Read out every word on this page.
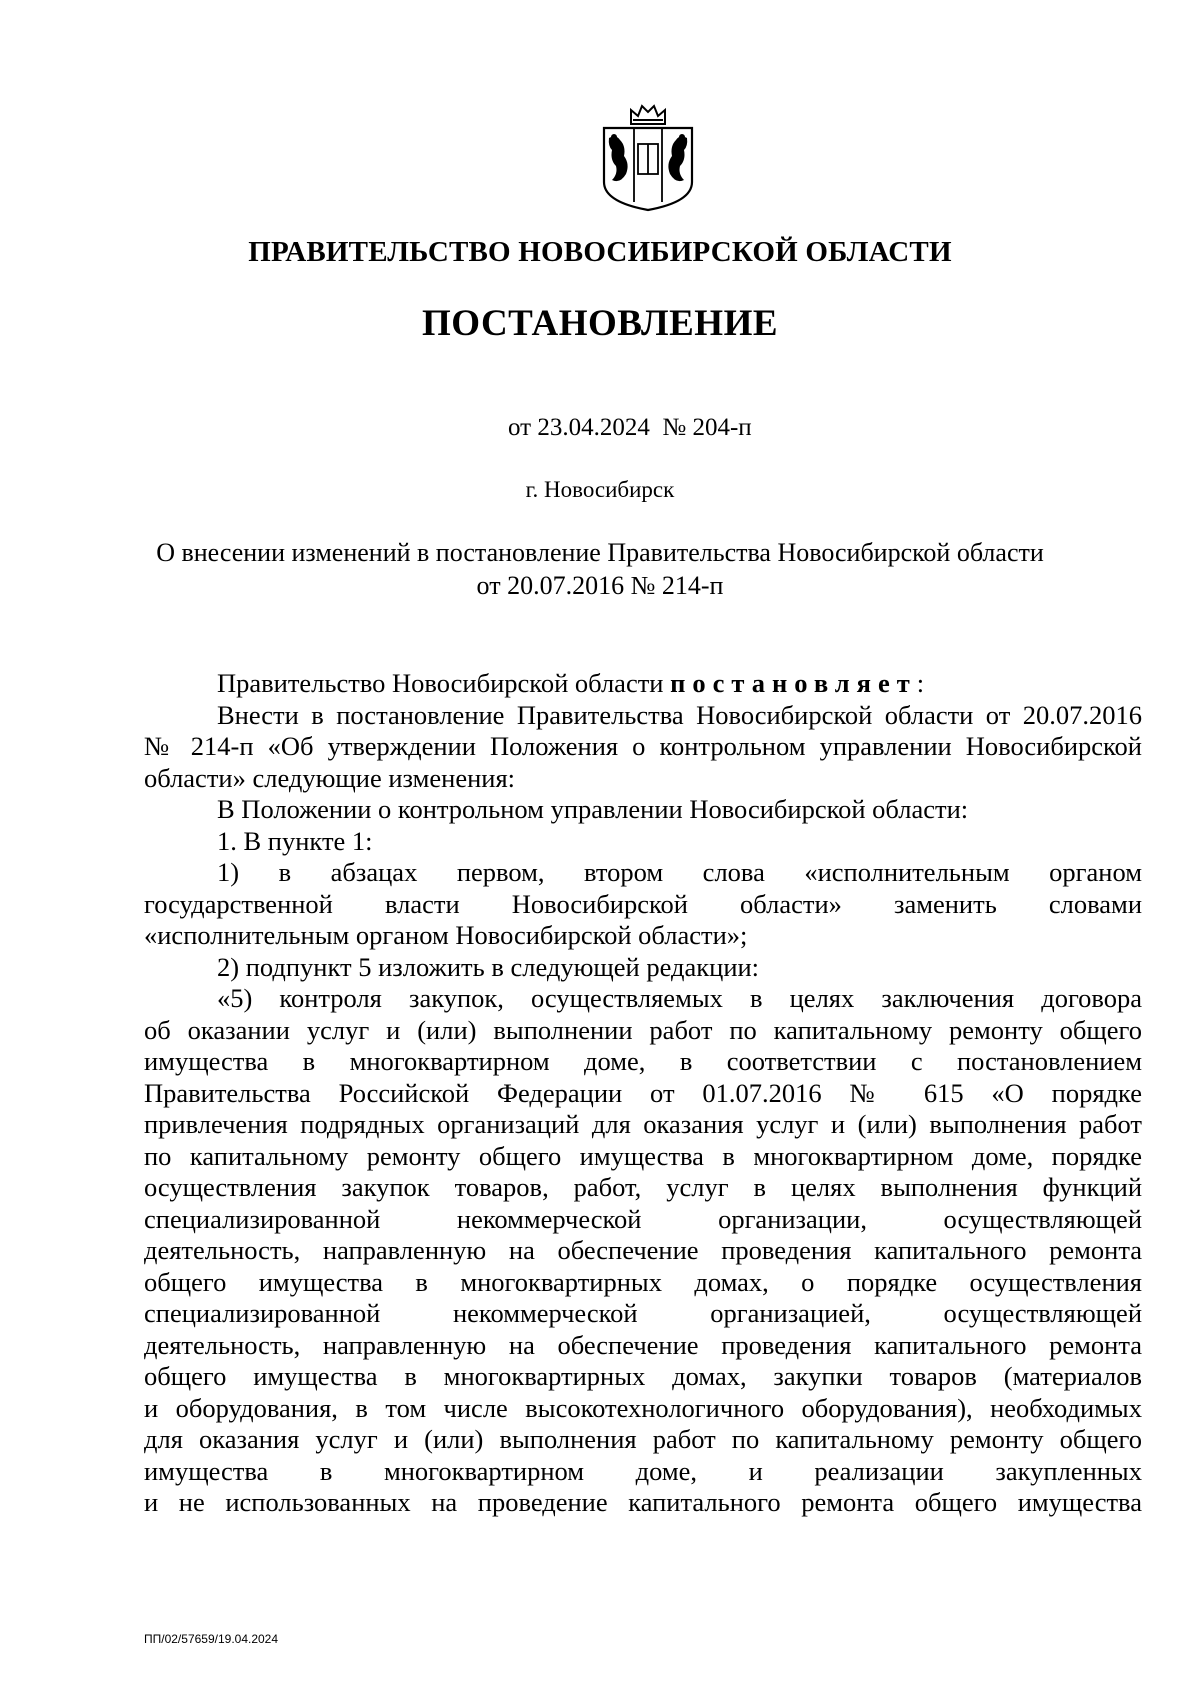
ПРАВИТЕЛЬСТВО НОВОСИБИРСКОЙ ОБЛАСТИ
ПОСТАНОВЛЕНИЕ
от 23.04.2024  № 204-п
г. Новосибирск
О внесении изменений в постановление Правительства Новосибирской области
от 20.07.2016 № 214-п
Правительство Новосибирской области постановляет:
Внести в постановление Правительства Новосибирской области от 20.07.2016
№ 214-п «Об утверждении Положения о контрольном управлении Новосибирской
области» следующие изменения:
В Положении о контрольном управлении Новосибирской области:
1. В пункте 1:
1) в абзацах первом, втором слова «исполнительным органом
государственной власти Новосибирской области» заменить словами
«исполнительным органом Новосибирской области»;
2) подпункт 5 изложить в следующей редакции:
«5) контроля закупок, осуществляемых в целях заключения договора
об оказании услуг и (или) выполнении работ по капитальному ремонту общего
имущества в многоквартирном доме, в соответствии с постановлением
Правительства Российской Федерации от 01.07.2016 № 615 «О порядке
привлечения подрядных организаций для оказания услуг и (или) выполнения работ
по капитальному ремонту общего имущества в многоквартирном доме, порядке
осуществления закупок товаров, работ, услуг в целях выполнения функций
специализированной некоммерческой организации, осуществляющей
деятельность, направленную на обеспечение проведения капитального ремонта
общего имущества в многоквартирных домах, о порядке осуществления
специализированной некоммерческой организацией, осуществляющей
деятельность, направленную на обеспечение проведения капитального ремонта
общего имущества в многоквартирных домах, закупки товаров (материалов
и оборудования, в том числе высокотехнологичного оборудования), необходимых
для оказания услуг и (или) выполнения работ по капитальному ремонту общего
имущества в многоквартирном доме, и реализации закупленных
и не использованных на проведение капитального ремонта общего имущества
ПП/02/57659/19.04.2024
